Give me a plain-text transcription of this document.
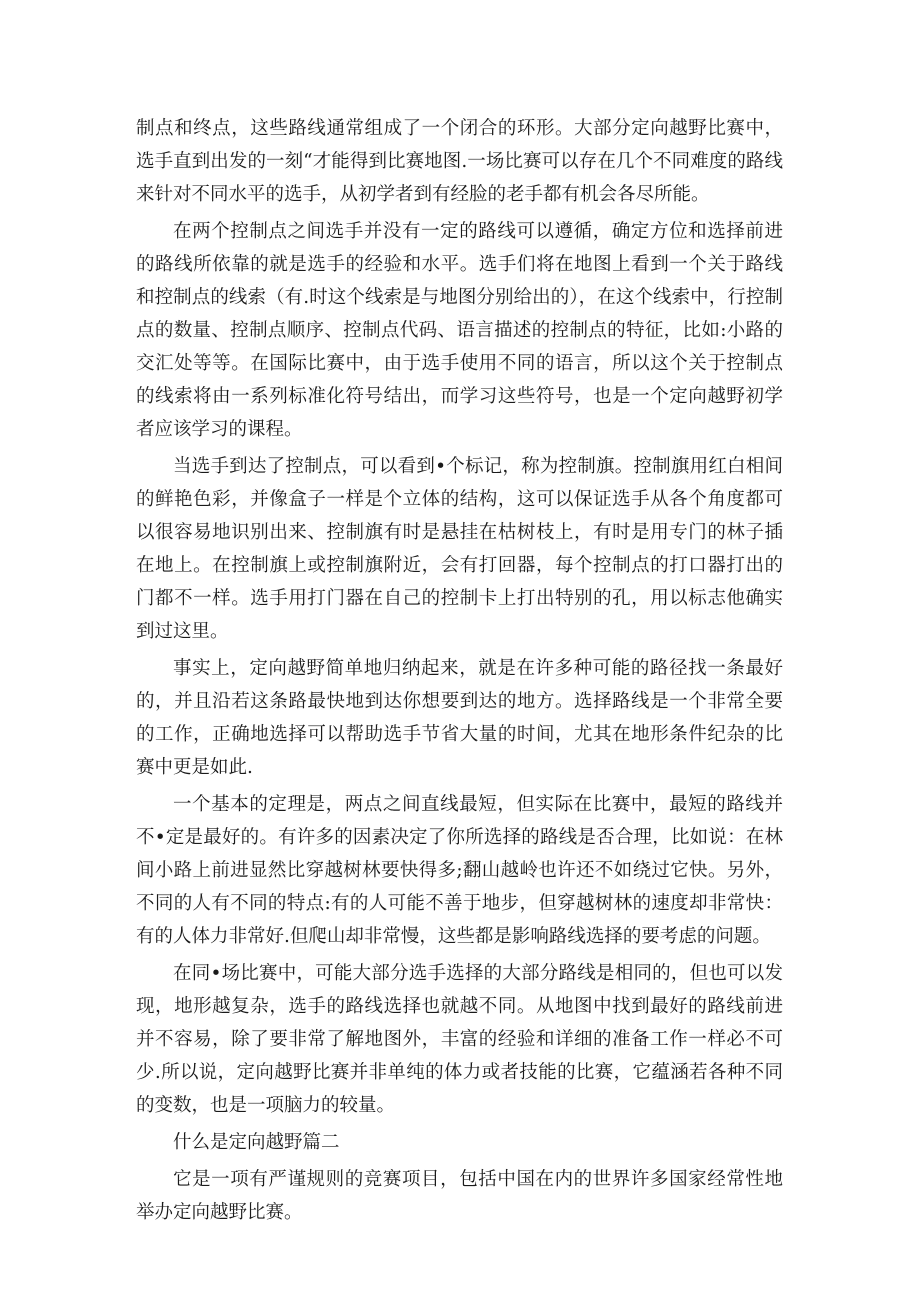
制点和终点，这些路线通常组成了一个闭合的环形。大部分定向越野比赛中，选手直到出发的一刻“才能得到比赛地图.一场比赛可以存在几个不同难度的路线来针对不同水平的选手，从初学者到有经脸的老手都有机会各尽所能。

在两个控制点之间选手并没有一定的路线可以遵循，确定方位和选择前进的路线所依靠的就是选手的经验和水平。选手们将在地图上看到一个关于路线和控制点的线索（有.时这个线索是与地图分别给出的），在这个线索中，行控制点的数量、控制点顺序、控制点代码、语言描述的控制点的特征，比如:小路的交汇处等等。在国际比赛中，由于选手使用不同的语言，所以这个关于控制点的线索将由一系列标准化符号结出，而学习这些符号，也是一个定向越野初学者应该学习的课程。

当选手到达了控制点，可以看到•个标记，称为控制旗。控制旗用红白相间的鲜艳色彩，并像盒子一样是个立体的结构，这可以保证选手从各个角度都可以很容易地识别出来、控制旗有时是悬挂在枯树枝上，有时是用专门的林子插在地上。在控制旗上或控制旗附近，会有打回器，每个控制点的打口器打出的门都不一样。选手用打门器在自己的控制卡上打出特别的孔，用以标志他确实到过这里。

事实上，定向越野简单地归纳起来，就是在许多种可能的路径找一条最好的，并且沿若这条路最快地到达你想要到达的地方。选择路线是一个非常全要的工作，正确地选择可以帮助选手节省大量的时间，尤其在地形条件纪杂的比赛中更是如此.

一个基本的定理是，两点之间直线最短，但实际在比赛中，最短的路线并不•定是最好的。有许多的因素决定了你所选择的路线是否合理，比如说：在林间小路上前进显然比穿越树林要快得多;翻山越岭也许还不如绕过它快。另外，不同的人有不同的特点:有的人可能不善于地步，但穿越树林的速度却非常快：有的人体力非常好.但爬山却非常慢，这些都是影响路线选择的要考虑的问题。

在同•场比赛中，可能大部分选手选择的大部分路线是相同的，但也可以发现，地形越复杂，选手的路线选择也就越不同。从地图中找到最好的路线前进并不容易，除了要非常了解地图外，丰富的经验和详细的准备工作一样必不可少.所以说，定向越野比赛并非单纯的体力或者技能的比赛，它蕴涵若各种不同的变数，也是一项脑力的较量。

什么是定向越野篇二

它是一项有严谨规则的竞赛项目，包括中国在内的世界许多国家经常性地举办定向越野比赛。
